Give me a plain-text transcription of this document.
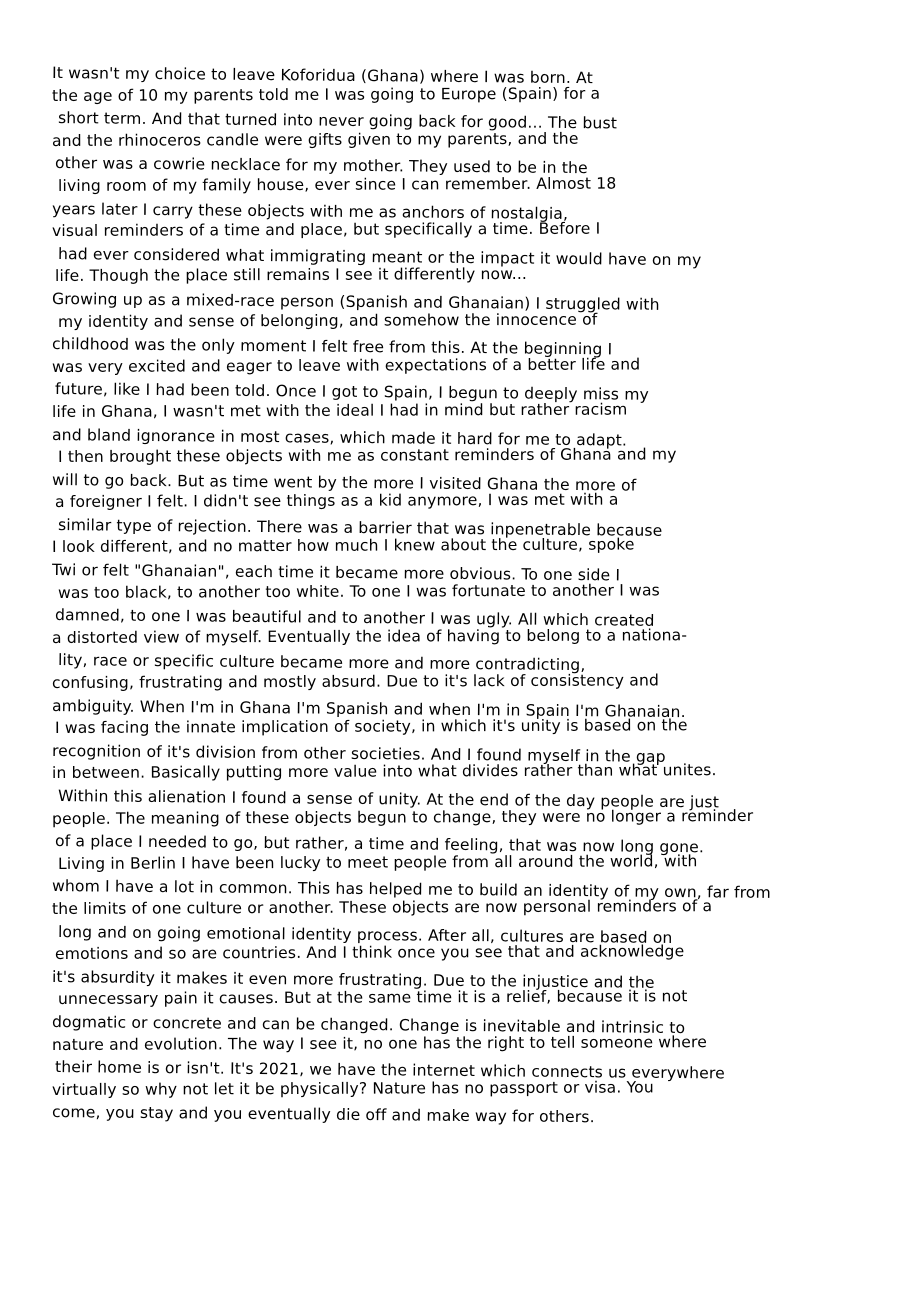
It wasn't my choice to leave Koforidua (Ghana) where I was born. At
the age of 10 my parents told me I was going to Europe (Spain) for a
short term. And that turned into never going back for good... The bust
and the rhinoceros candle were gifts given to my parents, and the
other was a cowrie necklace for my mother. They used to be in the
living room of my family house, ever since I can remember. Almost 18
years later I carry these objects with me as anchors of nostalgia,
visual reminders of a time and place, but specifically a time. Before I
had ever considered what immigrating meant or the impact it would have on my
life. Though the place still remains I see it differently now...
Growing up as a mixed-race person (Spanish and Ghanaian) I struggled with
my identity and sense of belonging, and somehow the innocence of
childhood was the only moment I felt free from this. At the beginning I
was very excited and eager to leave with expectations of a better life and
future, like I had been told. Once I got to Spain, I begun to deeply miss my
life in Ghana, I wasn't met with the ideal I had in mind but rather racism
and bland ignorance in most cases, which made it hard for me to adapt.
I then brought these objects with me as constant reminders of Ghana and my
will to go back. But as time went by the more I visited Ghana the more of
a foreigner I felt. I didn't see things as a kid anymore, I was met with a
similar type of rejection. There was a barrier that was inpenetrable because
I look different, and no matter how much I knew about the culture, spoke
Twi or felt "Ghanaian", each time it became more obvious. To one side I
was too black, to another too white. To one I was fortunate to another I was
damned, to one I was beautiful and to another I was ugly. All which created
a distorted view of myself. Eventually the idea of having to belong to a nationa-
lity, race or specific culture became more and more contradicting,
confusing, frustrating and mostly absurd. Due to it's lack of consistency and
ambiguity. When I'm in Ghana I'm Spanish and when I'm in Spain I'm Ghanaian.
I was facing the innate implication of society, in which it's unity is based on the
recognition of it's division from other societies. And I found myself in the gap
in between. Basically putting more value into what divides rather than what unites.
Within this alienation I found a sense of unity. At the end of the day people are just
people. The meaning of these objects begun to change, they were no longer a reminder
of a place I needed to go, but rather, a time and feeling, that was now long gone.
Living in Berlin I have been lucky to meet people from all around the world, with
whom I have a lot in common. This has helped me to build an identity of my own, far from
the limits of one culture or another. These objects are now personal reminders of a
long and on going emotional identity process. After all, cultures are based on
emotions and so are countries. And I think once you see that and acknowledge
it's absurdity it makes it even more frustrating. Due to the injustice and the
unnecessary pain it causes. But at the same time it is a relief, because it is not
dogmatic or concrete and can be changed. Change is inevitable and intrinsic to
nature and evolution. The way I see it, no one has the right to tell someone where
their home is or isn't. It's 2021, we have the internet which connects us everywhere
virtually so why not let it be physically? Nature has no passport or visa. You
come, you stay and you eventually die off and make way for others.
